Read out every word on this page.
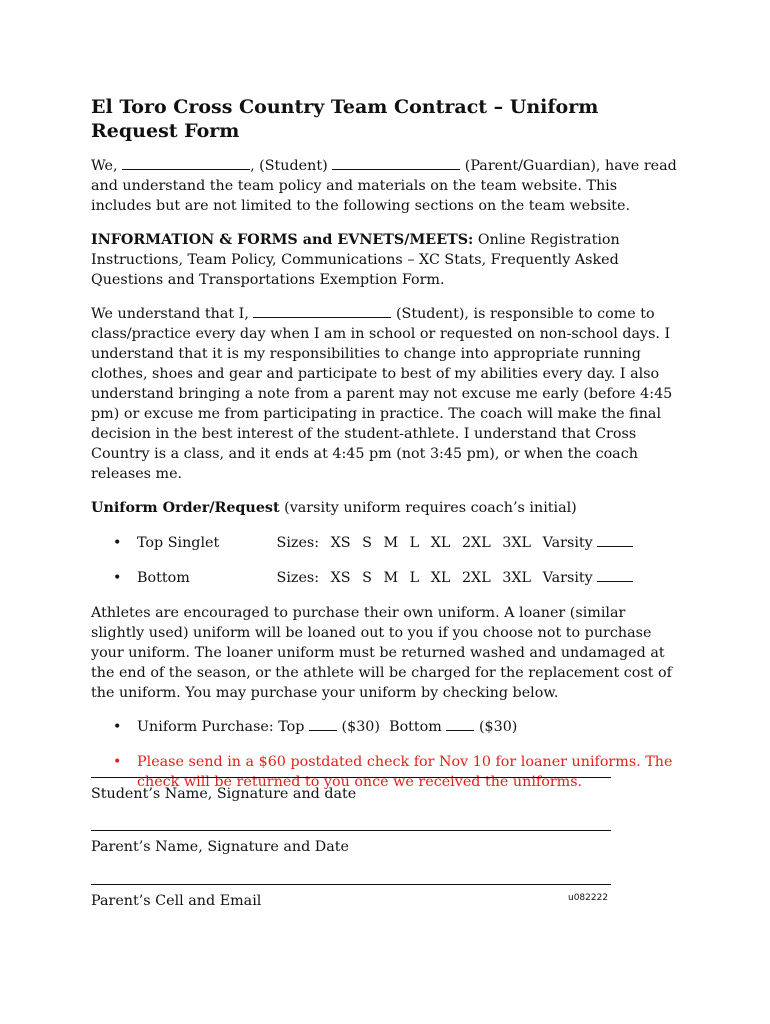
El Toro Cross Country Team Contract – Uniform Request Form

We,	, (Student)	(Parent/Guardian), have read and understand the team policy and materials on the team website. This includes but are not limited to the following sections on the team website.

INFORMATION & FORMS and EVNETS/MEETS: Online Registration Instructions, Team Policy, Communications – XC Stats, Frequently Asked Questions and Transportations Exemption Form.

We understand that I,	(Student), is responsible to come to class/practice every day when I am in school or requested on non-school days. I understand that it is my responsibilities to change into appropriate running clothes, shoes and gear and participate to best of my abilities every day. I also understand bringing a note from a parent may not excuse me early (before 4:45 pm) or excuse me from participating in practice. The coach will make the final decision in the best interest of the student-athlete. I understand that Cross Country is a class, and it ends at 4:45 pm (not 3:45 pm), or when the coach releases me.

Uniform Order/Request (varsity uniform requires coach’s initial)

• Top Singlet	Sizes: XS S M L XL 2XL 3XL Varsity
• Bottom	Sizes: XS S M L XL 2XL 3XL Varsity

Athletes are encouraged to purchase their own uniform. A loaner (similar slightly used) uniform will be loaned out to you if you choose not to purchase your uniform. The loaner uniform must be returned washed and undamaged at the end of the season, or the athlete will be charged for the replacement cost of the uniform. You may purchase your uniform by checking below.

• Uniform Purchase: Top	($30) Bottom	($30)
• Please send in a $60 postdated check for Nov 10 for loaner uniforms. The check will be returned to you once we received the uniforms.
Student’s Name, Signature and date
Parent’s Name, Signature and Date
Parent’s Cell and Email	u082222
